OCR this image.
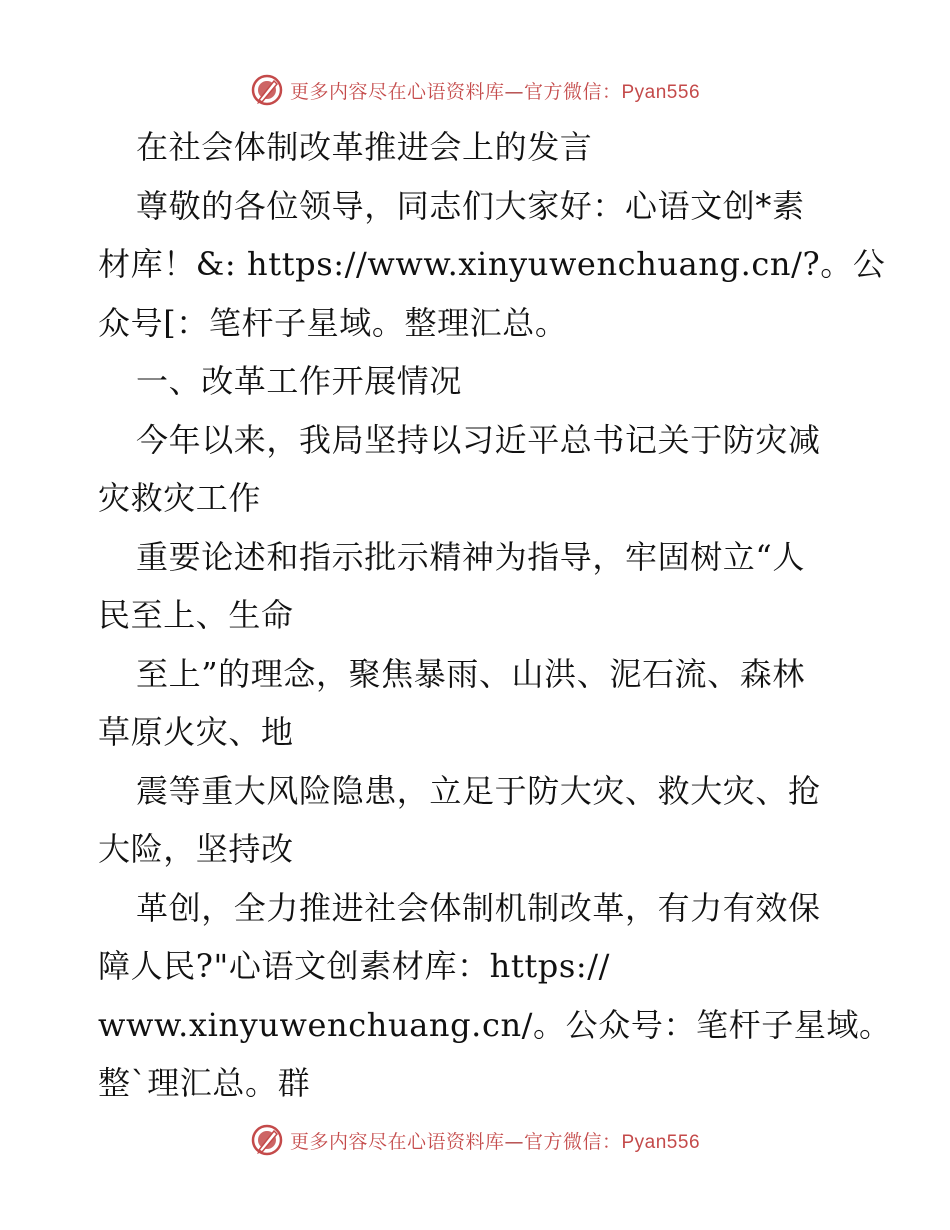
更多内容尽在心语资料库—官方微信：Pyan556
在社会体制改革推进会上的发言
尊敬的各位领导，同志们大家好：心语文创*素
材库！&: https://www.xinyuwenchuang.cn/?。公
众号[：笔杆子星域。整理汇总。
一、改革工作开展情况
今年以来，我局坚持以习近平总书记关于防灾减
灾救灾工作
重要论述和指示批示精神为指导，牢固树立“人
民至上、生命
至上”的理念，聚焦暴雨、山洪、泥石流、森林
草原火灾、地
震等重大风险隐患，立足于防大灾、救大灾、抢
大险，坚持改
革创，全力推进社会体制机制改革，有力有效保
障人民?"心语文创素材库：https://
www.xinyuwenchuang.cn/。公众号：笔杆子星域。
整`理汇总。群
更多内容尽在心语资料库—官方微信：Pyan556
